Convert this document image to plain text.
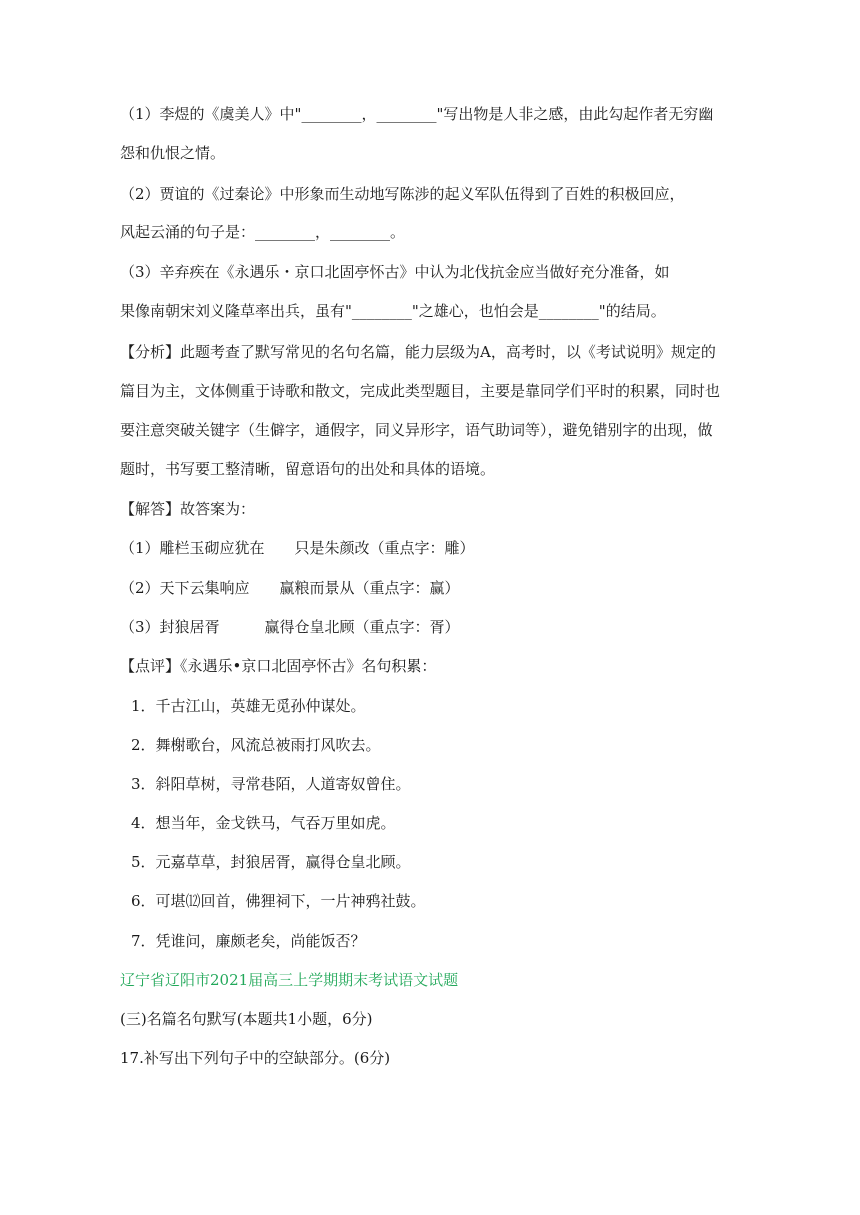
（1）李煜的《虞美人》中"________，________"写出物是人非之感，由此勾起作者无穷幽
怨和仇恨之情。
（2）贾谊的《过秦论》中形象而生动地写陈涉的起义军队伍得到了百姓的积极回应，
风起云涌的句子是：________，________。
（3）辛弃疾在《永遇乐・京口北固亭怀古》中认为北伐抗金应当做好充分准备，如
果像南朝宋刘义隆草率出兵，虽有"________"之雄心，也怕会是________"的结局。
【分析】此题考查了默写常见的名句名篇，能力层级为A，高考时，以《考试说明》规定的
篇目为主，文体侧重于诗歌和散文，完成此类型题目，主要是靠同学们平时的积累，同时也
要注意突破关键字（生僻字，通假字，同义异形字，语气助词等），避免错别字的出现，做
题时，书写要工整清晰，留意语句的出处和具体的语境。
【解答】故答案为：
（1）雕栏玉砌应犹在　　只是朱颜改（重点字：雕）
（2）天下云集响应　　赢粮而景从（重点字：赢）
（3）封狼居胥　　　赢得仓皇北顾（重点字：胥）
【点评】《永遇乐•京口北固亭怀古》名句积累：
1．千古江山，英雄无觅孙仲谋处。
2．舞榭歌台，风流总被雨打风吹去。
3．斜阳草树，寻常巷陌，人道寄奴曾住。
4．想当年，金戈铁马，气吞万里如虎。
5．元嘉草草，封狼居胥，赢得仓皇北顾。
6．可堪⑿回首，佛狸祠下，一片神鸦社鼓。
7．凭谁问，廉颇老矣，尚能饭否？
辽宁省辽阳市2021届高三上学期期末考试语文试题
(三)名篇名句默写(本题共1小题，6分)
17.补写出下列句子中的空缺部分。(6分)
